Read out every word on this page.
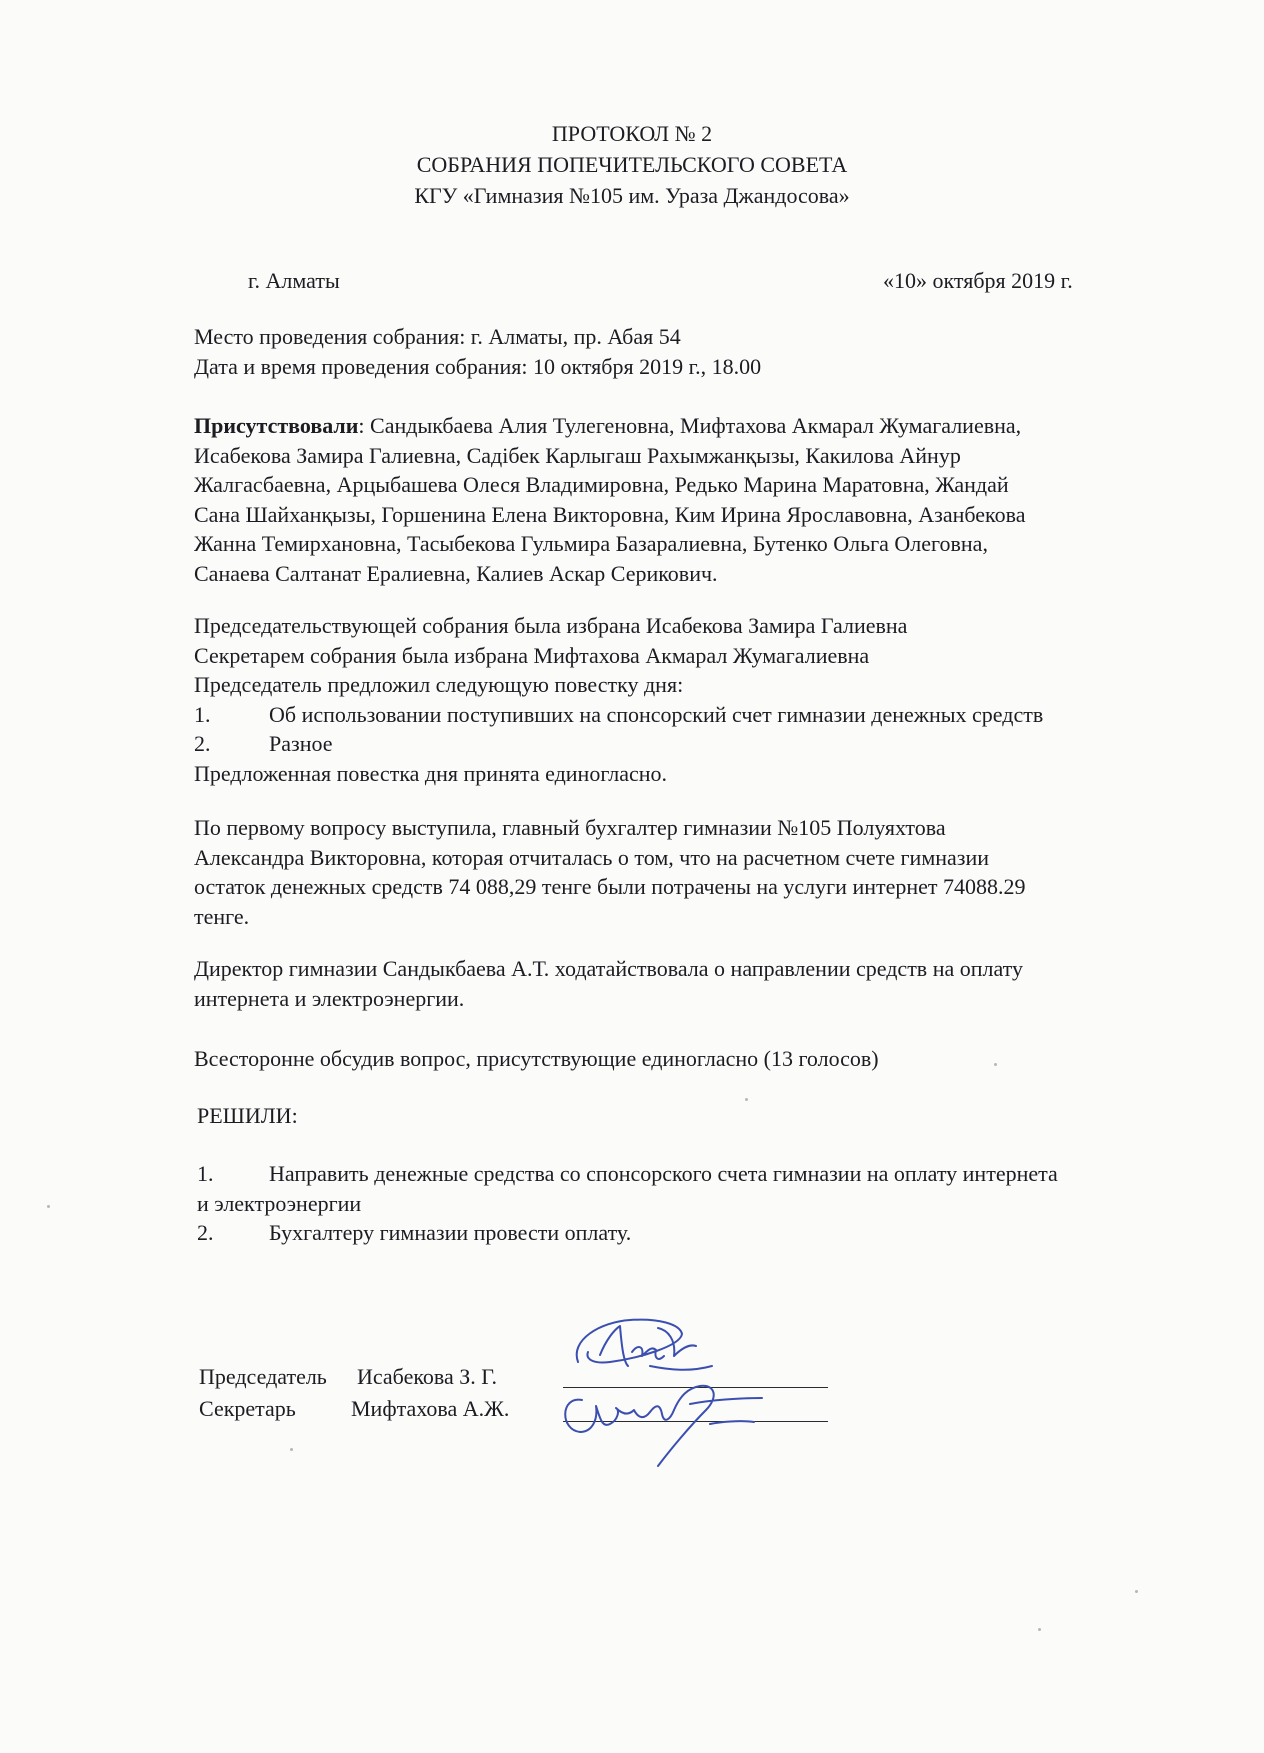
ПРОТОКОЛ № 2
СОБРАНИЯ ПОПЕЧИТЕЛЬСКОГО СОВЕТА
КГУ «Гимназия №105 им. Ураза Джандосова»
г. Алматы	«10» октября 2019 г.
Место проведения собрания: г. Алматы, пр. Абая 54
Дата и время проведения собрания: 10 октября 2019 г., 18.00
Присутствовали: Сандыкбаева Алия Тулегеновна, Мифтахова Акмарал Жумагалиевна,
Исабекова Замира Галиевна, Садiбек Карлыгаш Рахымжанқызы, Какилова Айнур
Жалгасбаевна, Арцыбашева Олеся Владимировна, Редько Марина Маратовна, Жандай
Сана Шайханқызы, Горшенина Елена Викторовна, Ким Ирина Ярославовна, Азанбекова
Жанна Темирхановна, Тасыбекова Гульмира Базаралиевна, Бутенко Ольга Олеговна,
Санаева Салтанат Ералиевна, Калиев Аскар Серикович.
Председательствующей собрания была избрана Исабекова Замира Галиевна
Секретарем собрания была избрана Мифтахова Акмарал Жумагалиевна
Председатель предложил следующую повестку дня:
1.	Об использовании поступивших на спонсорский счет гимназии денежных средств
2.	Разное
Предложенная повестка дня принята единогласно.
По первому вопросу выступила, главный бухгалтер гимназии №105 Полуяхтова
Александра Викторовна, которая отчиталась о том, что на расчетном счете гимназии
остаток денежных средств 74 088,29 тенге были потрачены на услуги интернет 74088.29
тенге.
Директор гимназии Сандыкбаева А.Т. ходатайствовала о направлении средств на оплату
интернета и электроэнергии.
Всесторонне обсудив вопрос, присутствующие единогласно (13 голосов)
РЕШИЛИ:
1.	Направить денежные средства со спонсорского счета гимназии на оплату интернета
и электроэнергии
2.	Бухгалтеру гимназии провести оплату.
Председатель Исабекова З. Г.
Секретарь	Мифтахова А.Ж.
